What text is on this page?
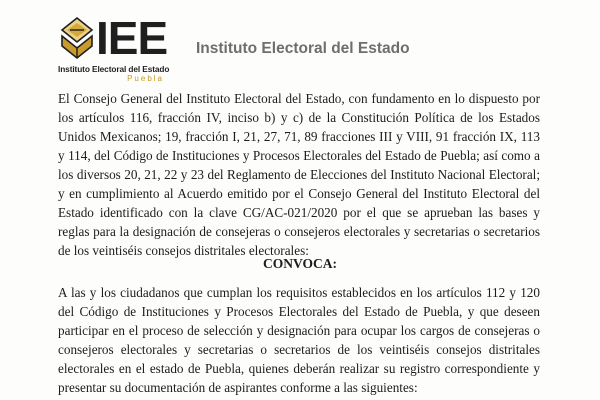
IEE
Instituto Electoral del Estado
Puebla
Instituto Electoral del Estado
El Consejo General del Instituto Electoral del Estado, con fundamento en lo dispuesto por los artículos 116, fracción IV, inciso b) y c) de la Constitución Política de los Estados Unidos Mexicanos; 19, fracción I, 21, 27, 71, 89 fracciones III y VIII, 91 fracción IX, 113 y 114, del Código de Instituciones y Procesos Electorales del Estado de Puebla; así como a los diversos 20, 21, 22 y 23 del Reglamento de Elecciones del Instituto Nacional Electoral; y en cumplimiento al Acuerdo emitido por el Consejo General del Instituto Electoral del Estado identificado con la clave CG/AC-021/2020 por el que se aprueban las bases y reglas para la designación de consejeras o consejeros electorales y secretarias o secretarios de los veintiséis consejos distritales electorales:
CONVOCA:
A las y los ciudadanos que cumplan los requisitos establecidos en los artículos 112 y 120 del Código de Instituciones y Procesos Electorales del Estado de Puebla, y que deseen participar en el proceso de selección y designación para ocupar los cargos de consejeras o consejeros electorales y secretarias o secretarios de los veintiséis consejos distritales electorales en el estado de Puebla, quienes deberán realizar su registro correspondiente y presentar su documentación de aspirantes conforme a las siguientes:
